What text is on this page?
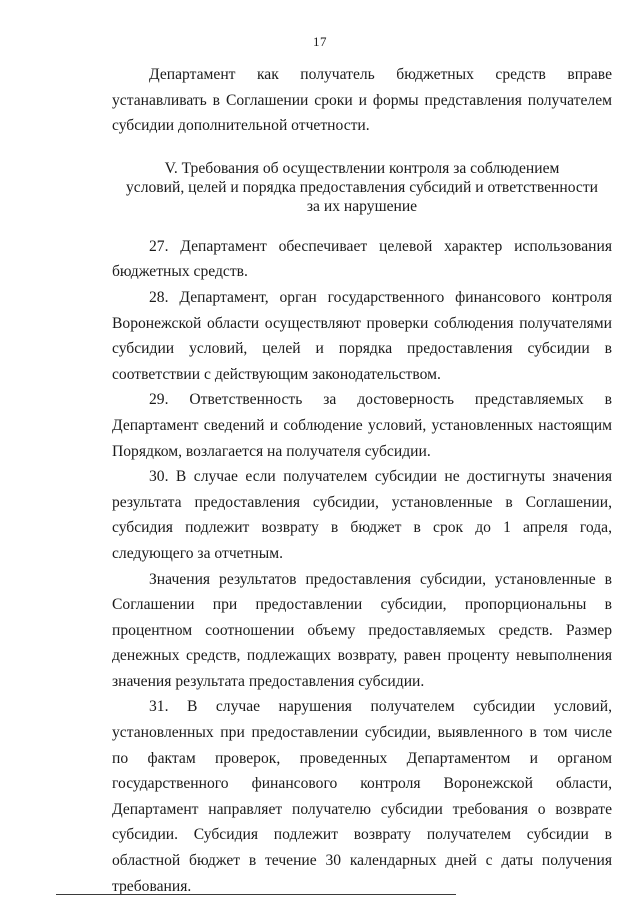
17

Департамент как получатель бюджетных средств вправе устанавливать в Соглашении сроки и формы представления получателем субсидии дополнительной отчетности.

V. Требования об осуществлении контроля за соблюдением
условий, целей и порядка предоставления субсидий и ответственности
за их нарушение

27. Департамент обеспечивает целевой характер использования бюджетных средств.

28. Департамент, орган государственного финансового контроля Воронежской области осуществляют проверки соблюдения получателями субсидии условий, целей и порядка предоставления субсидии в соответствии с действующим законодательством.

29. Ответственность за достоверность представляемых в Департамент сведений и соблюдение условий, установленных настоящим Порядком, возлагается на получателя субсидии.

30. В случае если получателем субсидии не достигнуты значения результата предоставления субсидии, установленные в Соглашении, субсидия подлежит возврату в бюджет в срок до 1 апреля года, следующего за отчетным.

Значения результатов предоставления субсидии, установленные в Соглашении при предоставлении субсидии, пропорциональны в процентном соотношении объему предоставляемых средств. Размер денежных средств, подлежащих возврату, равен проценту невыполнения значения результата предоставления субсидии.

31. В случае нарушения получателем субсидии условий, установленных при предоставлении субсидии, выявленного в том числе по фактам проверок, проведенных Департаментом и органом государственного финансового контроля Воронежской области, Департамент направляет получателю субсидии требования о возврате субсидии. Субсидия подлежит возврату получателем субсидии в областной бюджет в течение 30 календарных дней с даты получения требования.
